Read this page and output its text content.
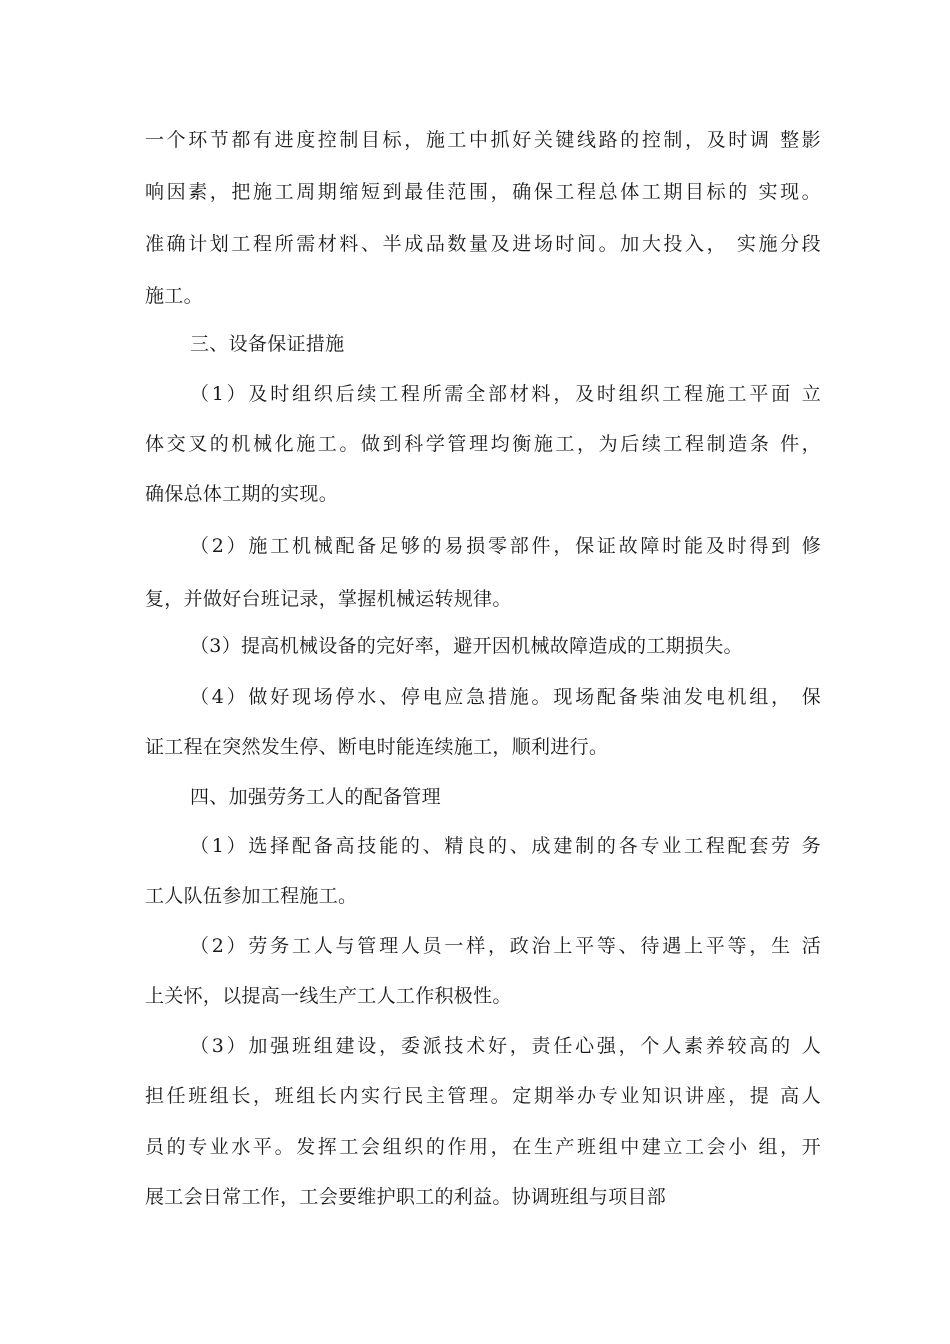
一个环节都有进度控制目标，施工中抓好关键线路的控制，及时调 整影
响因素，把施工周期缩短到最佳范围，确保工程总体工期目标的 实现。
准确计划工程所需材料、半成品数量及进场时间。加大投入， 实施分段
施工。
三、设备保证措施
（1）及时组织后续工程所需全部材料，及时组织工程施工平面 立
体交叉的机械化施工。做到科学管理均衡施工，为后续工程制造条 件，
确保总体工期的实现。
（2）施工机械配备足够的易损零部件，保证故障时能及时得到 修
复，并做好台班记录，掌握机械运转规律。
（3）提高机械设备的完好率，避开因机械故障造成的工期损失。
（4）做好现场停水、停电应急措施。现场配备柴油发电机组， 保
证工程在突然发生停、断电时能连续施工，顺利进行。
四、加强劳务工人的配备管理
（1）选择配备高技能的、精良的、成建制的各专业工程配套劳 务
工人队伍参加工程施工。
（2）劳务工人与管理人员一样，政治上平等、待遇上平等，生 活
上关怀，以提高一线生产工人工作积极性。
（3）加强班组建设，委派技术好，责任心强，个人素养较高的 人
担任班组长，班组长内实行民主管理。定期举办专业知识讲座，提 高人
员的专业水平。发挥工会组织的作用，在生产班组中建立工会小 组，开
展工会日常工作，工会要维护职工的利益。协调班组与项目部
